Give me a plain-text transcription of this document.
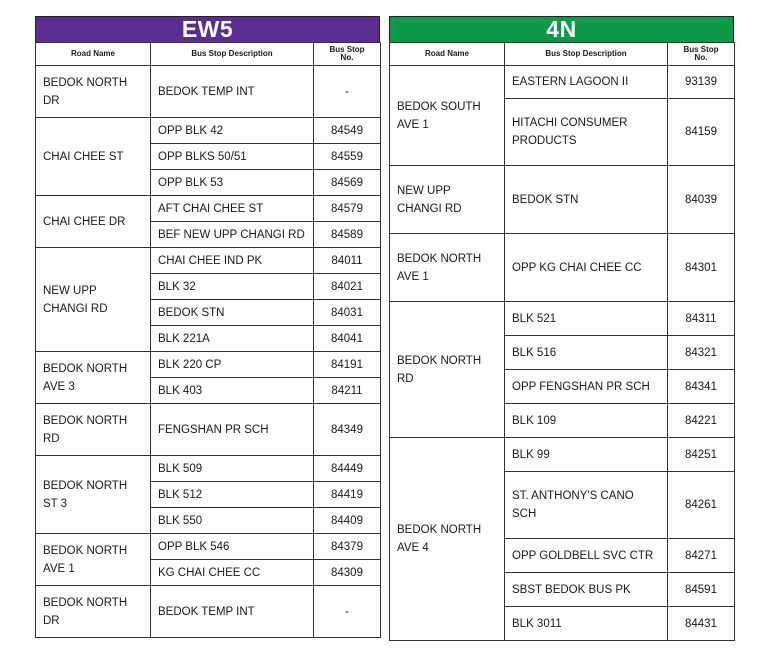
EW5
Road Name	Bus Stop Description	Bus Stop
No.
BEDOK NORTH DR	BEDOK TEMP INT	-
CHAI CHEE ST	OPP BLK 42	84549
	OPP BLKS 50/51	84559
	OPP BLK 53	84569
CHAI CHEE DR	AFT CHAI CHEE ST	84579
	BEF NEW UPP CHANGI RD	84589
NEW UPP CHANGI RD	CHAI CHEE IND PK	84011
	BLK 32	84021
	BEDOK STN	84031
	BLK 221A	84041
BEDOK NORTH AVE 3	BLK 220 CP	84191
	BLK 403	84211
BEDOK NORTH RD	FENGSHAN PR SCH	84349
BEDOK NORTH ST 3	BLK 509	84449
	BLK 512	84419
	BLK 550	84409
BEDOK NORTH AVE 1	OPP BLK 546	84379
	KG CHAI CHEE CC	84309
BEDOK NORTH DR	BEDOK TEMP INT	-
4N
Road Name	Bus Stop Description	Bus Stop
No.
BEDOK SOUTH AVE 1	EASTERN LAGOON II	93139
	HITACHI CONSUMER PRODUCTS	84159
NEW UPP CHANGI RD	BEDOK STN	84039
BEDOK NORTH AVE 1	OPP KG CHAI CHEE CC	84301
BEDOK NORTH RD	BLK 521	84311
	BLK 516	84321
	OPP FENGSHAN PR SCH	84341
	BLK 109	84221
BEDOK NORTH AVE 4	BLK 99	84251
	ST. ANTHONY'S CANO SCH	84261
	OPP GOLDBELL SVC CTR	84271
	SBST BEDOK BUS PK	84591
	BLK 3011	84431
